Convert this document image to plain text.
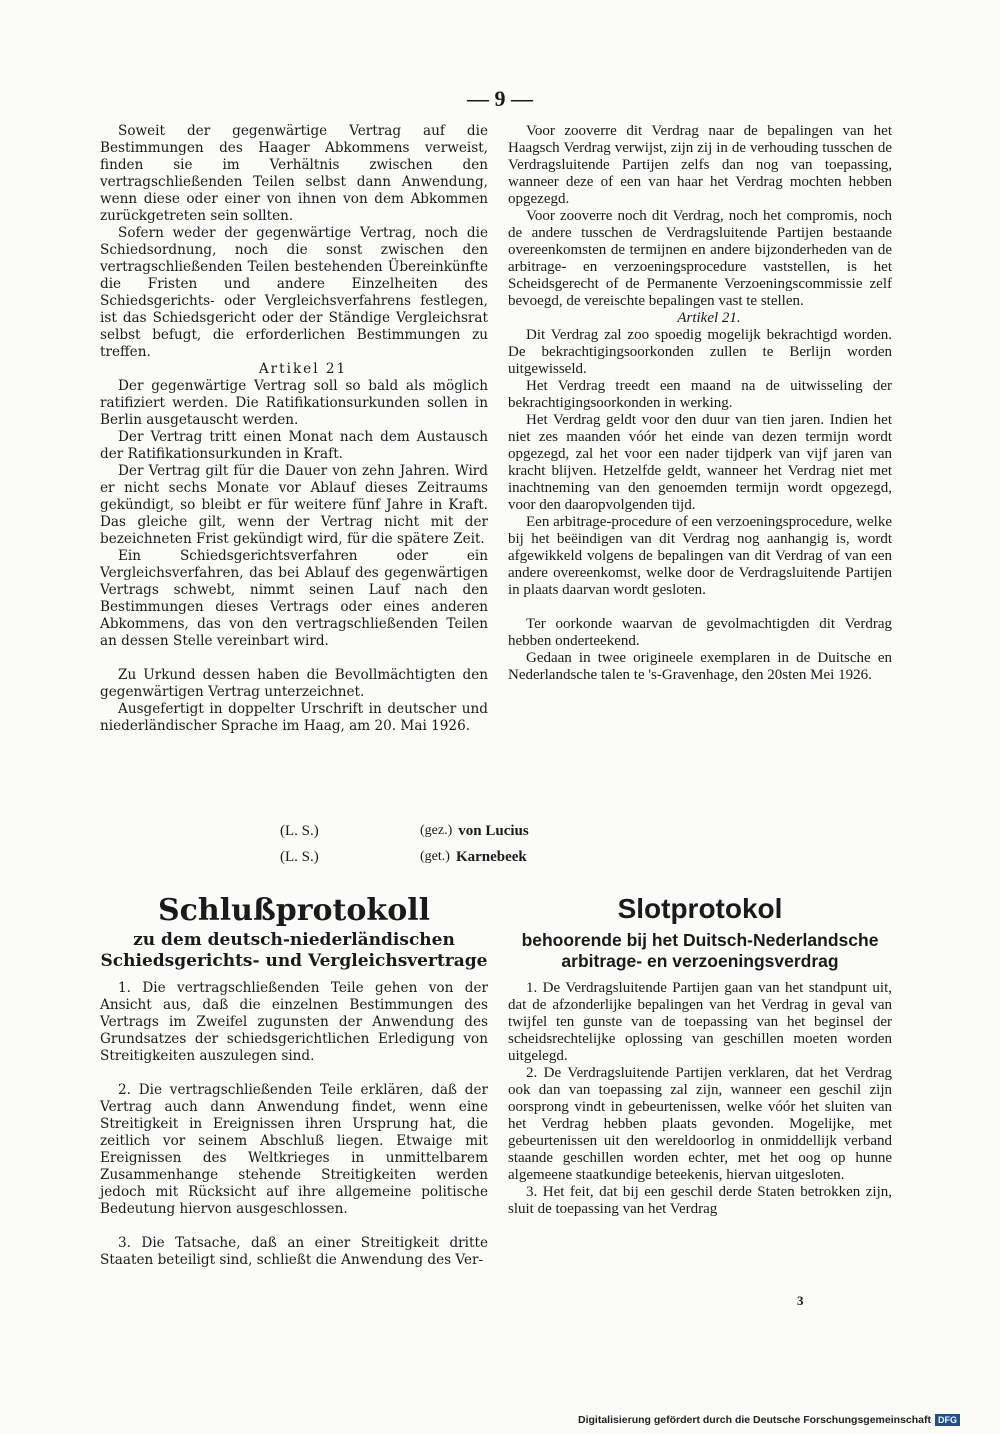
— 9 —

Soweit der gegenwärtige Vertrag auf die Bestimmungen des Haager Abkommens verweist, finden sie im Verhältnis zwischen den vertragschließenden Teilen selbst dann Anwendung, wenn diese oder einer von ihnen von dem Abkommen zurückgetreten sein sollten.

Sofern weder der gegenwärtige Vertrag, noch die Schiedsordnung, noch die sonst zwischen den vertragschließenden Teilen bestehenden Übereinkünfte die Fristen und andere Einzelheiten des Schiedsgerichts- oder Vergleichsverfahrens festlegen, ist das Schiedsgericht oder der Ständige Vergleichsrat selbst befugt, die erforderlichen Bestimmungen zu treffen.

Artikel 21

Der gegenwärtige Vertrag soll so bald als möglich ratifiziert werden. Die Ratifikationsurkunden sollen in Berlin ausgetauscht werden.

Der Vertrag tritt einen Monat nach dem Austausch der Ratifikationsurkunden in Kraft.

Der Vertrag gilt für die Dauer von zehn Jahren. Wird er nicht sechs Monate vor Ablauf dieses Zeitraums gekündigt, so bleibt er für weitere fünf Jahre in Kraft. Das gleiche gilt, wenn der Vertrag nicht mit der bezeichneten Frist gekündigt wird, für die spätere Zeit.

Ein Schiedsgerichtsverfahren oder ein Vergleichsverfahren, das bei Ablauf des gegenwärtigen Vertrags schwebt, nimmt seinen Lauf nach den Bestimmungen dieses Vertrags oder eines anderen Abkommens, das von den vertragschließenden Teilen an dessen Stelle vereinbart wird.

Zu Urkund dessen haben die Bevollmächtigten den gegenwärtigen Vertrag unterzeichnet.

Ausgefertigt in doppelter Urschrift in deutscher und niederländischer Sprache im Haag, am 20. Mai 1926.

Voor zooverre dit Verdrag naar de bepalingen van het Haagsch Verdrag verwijst, zijn zij in de verhouding tusschen de Verdragsluitende Partijen zelfs dan nog van toepassing, wanneer deze of een van haar het Verdrag mochten hebben opgezegd.

Voor zooverre noch dit Verdrag, noch het compromis, noch de andere tusschen de Verdragsluitende Partijen bestaande overeenkomsten de termijnen en andere bijzonderheden van de arbitrage- en verzoeningsprocedure vaststellen, is het Scheidsgerecht of de Permanente Verzoeningscommissie zelf bevoegd, de vereischte bepalingen vast te stellen.

Artikel 21.

Dit Verdrag zal zoo spoedig mogelijk bekrachtigd worden. De bekrachtigingsoorkonden zullen te Berlijn worden uitgewisseld.

Het Verdrag treedt een maand na de uitwisseling der bekrachtigingsoorkonden in werking.

Het Verdrag geldt voor den duur van tien jaren. Indien het niet zes maanden vóór het einde van dezen termijn wordt opgezegd, zal het voor een nader tijdperk van vijf jaren van kracht blijven. Hetzelfde geldt, wanneer het Verdrag niet met inachtneming van den genoemden termijn wordt opgezegd, voor den daaropvolgenden tijd.

Een arbitrage-procedure of een verzoeningsprocedure, welke bij het beëindigen van dit Verdrag nog aanhangig is, wordt afgewikkeld volgens de bepalingen van dit Verdrag of van een andere overeenkomst, welke door de Verdragsluitende Partijen in plaats daarvan wordt gesloten.

Ter oorkonde waarvan de gevolmachtigden dit Verdrag hebben onderteekend.

Gedaan in twee origineele exemplaren in de Duitsche en Nederlandsche talen te 's-Gravenhage, den 20sten Mei 1926.

(L. S.)	(gez.) von Lucius
(L. S.)	(get.) Karnebeek
Schlußprotokoll	Slotprotokol
zu dem deutsch-niederländischen Schiedsgerichts- und Vergleichsvertrage
behoorende bij het Duitsch-Nederlandsche arbitrage- en verzoeningsverdrag

1. Die vertragschließenden Teile gehen von der Ansicht aus, daß die einzelnen Bestimmungen des Vertrags im Zweifel zugunsten der Anwendung des Grundsatzes der schiedsgerichtlichen Erledigung von Streitigkeiten auszulegen sind.

2. Die vertragschließenden Teile erklären, daß der Vertrag auch dann Anwendung findet, wenn eine Streitigkeit in Ereignissen ihren Ursprung hat, die zeitlich vor seinem Abschluß liegen. Etwaige mit Ereignissen des Weltkrieges in unmittelbarem Zusammenhange stehende Streitigkeiten werden jedoch mit Rücksicht auf ihre allgemeine politische Bedeutung hiervon ausgeschlossen.

3. Die Tatsache, daß an einer Streitigkeit dritte Staaten beteiligt sind, schließt die Anwendung des Ver-

1. De Verdragsluitende Partijen gaan van het standpunt uit, dat de afzonderlijke bepalingen van het Verdrag in geval van twijfel ten gunste van de toepassing van het beginsel der scheidsrechtelijke oplossing van geschillen moeten worden uitgelegd.

2. De Verdragsluitende Partijen verklaren, dat het Verdrag ook dan van toepassing zal zijn, wanneer een geschil zijn oorsprong vindt in gebeurtenissen, welke vóór het sluiten van het Verdrag hebben plaats gevonden. Mogelijke, met gebeurtenissen uit den wereldoorlog in onmiddellijk verband staande geschillen worden echter, met het oog op hunne algemeene staatkundige beteekenis, hiervan uitgesloten.

3. Het feit, dat bij een geschil derde Staten betrokken zijn, sluit de toepassing van het Verdrag

3
Digitalisierung gefördert durch die Deutsche Forschungsgemeinschaft DFG
